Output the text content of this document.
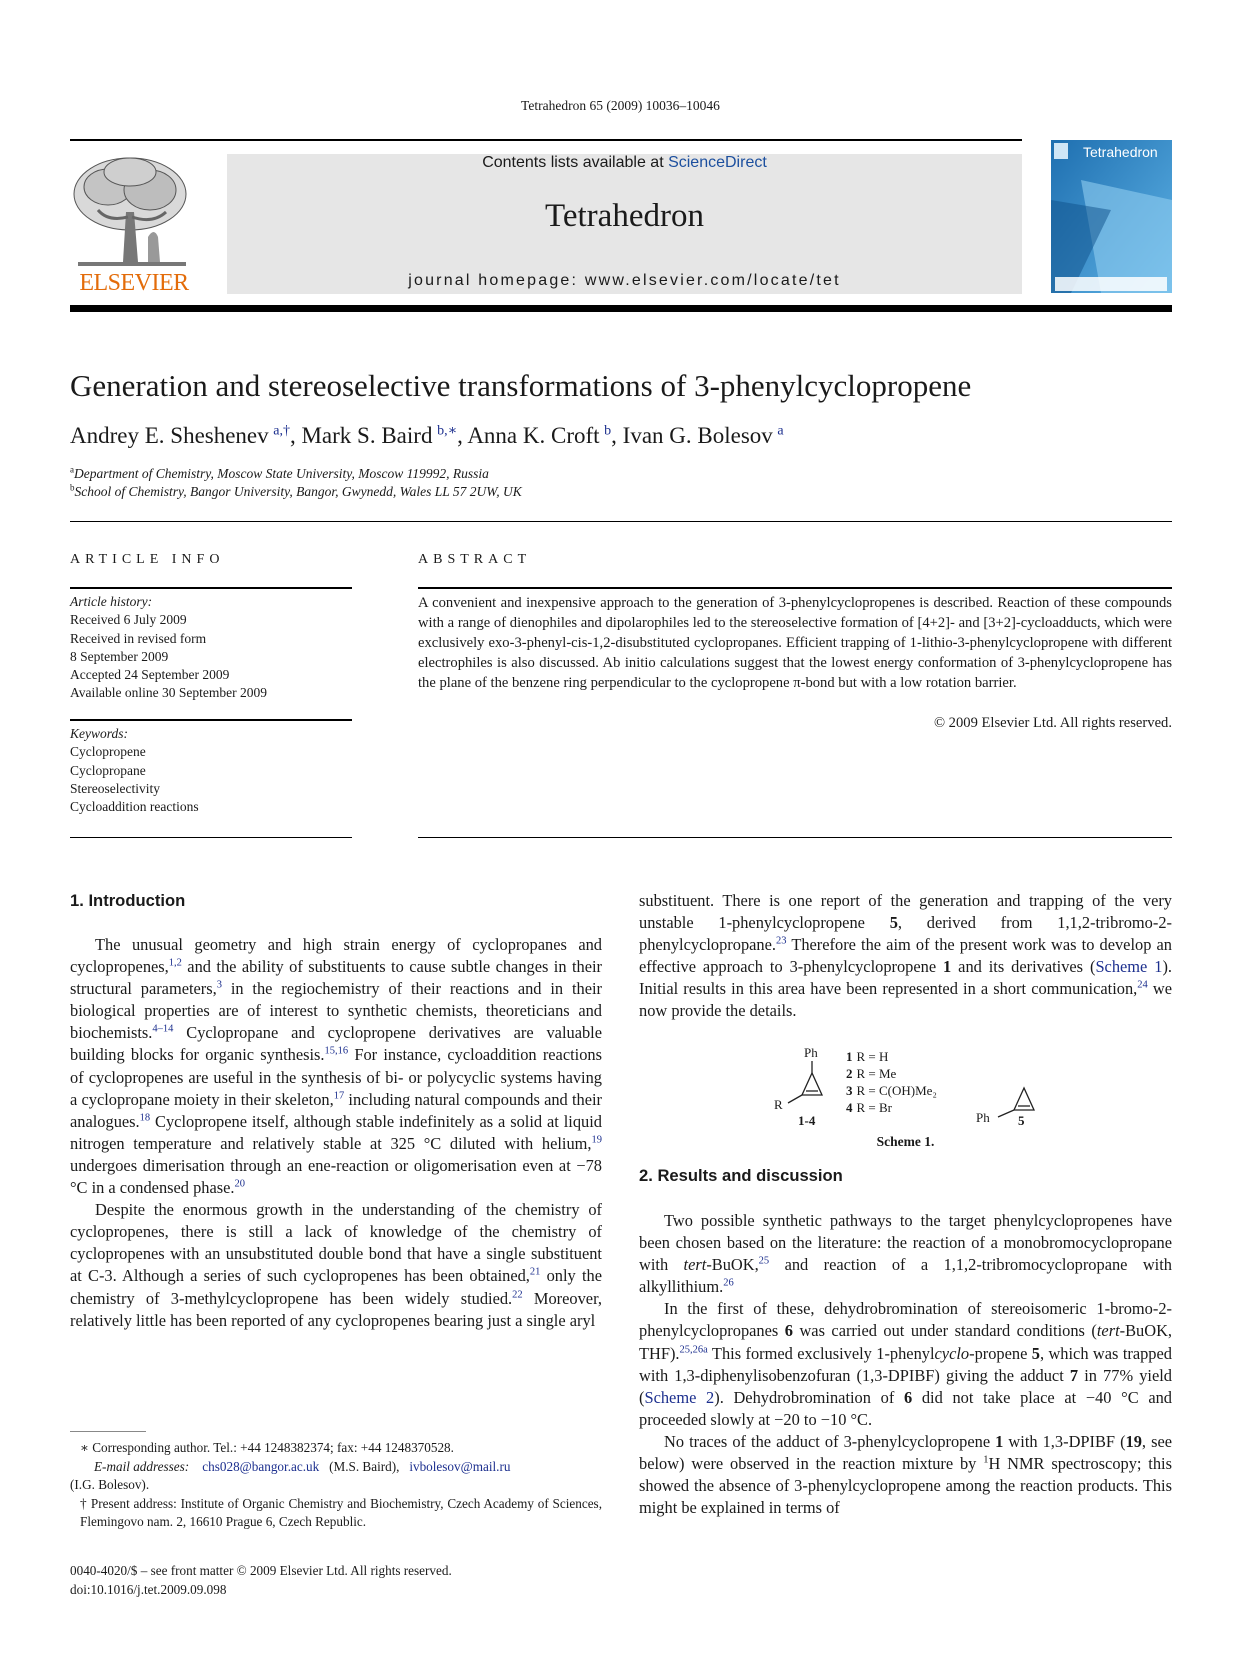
Tetrahedron 65 (2009) 10036–10046
ELSEVIER
Contents lists available at ScienceDirect
Tetrahedron
journal homepage: www.elsevier.com/locate/tet
Tetrahedron
Generation and stereoselective transformations of 3-phenylcyclopropene
Andrey E. Sheshenev  $^{a,\dagger}$, Mark S. Baird  $^{b,∗}$, Anna K. Croft  $^b$, Ivan G. Bolesov  $^a$
$^a$Department of Chemistry, Moscow State University, Moscow 119992, Russia
$^b$School of Chemistry, Bangor University, Bangor, Gwynedd, Wales LL 57 2UW, UK
ARTICLE INFO
Article history:
Received 6 July 2009
Received in revised form
8 September 2009
Accepted 24 September 2009
Available online 30 September 2009
Keywords:
Cyclopropene
Cyclopropane
Stereoselectivity
Cycloaddition reactions
ABSTRACT
A convenient and inexpensive approach to the generation of 3-phenylcyclopropenes is described. Reaction of these compounds with a range of dienophiles and dipolarophiles led to the stereoselective formation of [4+2]- and [3+2]-cycloadducts, which were exclusively exo-3-phenyl-cis-1,2-disubstituted cyclopropanes. Efficient trapping of 1-lithio-3-phenylcyclopropene with different electrophiles is also discussed. Ab initio calculations suggest that the lowest energy conformation of 3-phenylcyclopropene has the plane of the benzene ring perpendicular to the cyclopropene π-bond but with a low rotation barrier.
© 2009 Elsevier Ltd. All rights reserved.
1. Introduction

The unusual geometry and high strain energy of cyclopropanes and cyclopropenes,$^{1,2}$ and the ability of substituents to cause subtle changes in their structural parameters,$^3$ in the regiochemistry of their reactions and in their biological properties are of interest to synthetic chemists, theoreticians and biochemists.$^{4-14}$ Cyclopropane and cyclopropene derivatives are valuable building blocks for organic synthesis.$^{15,16}$ For instance, cycloaddition reactions of cyclopropenes are useful in the synthesis of bi- or polycyclic systems having a cyclopropane moiety in their skeleton,$^{17}$ including natural compounds and their analogues.$^{18}$ Cyclopropene itself, although stable indefinitely as a solid at liquid nitrogen temperature and relatively stable at 325 °C diluted with helium,$^{19}$ undergoes dimerisation through an ene-reaction or oligomerisation even at −78 °C in a condensed phase.$^{20}$

Despite the enormous growth in the understanding of the chemistry of cyclopropenes, there is still a lack of knowledge of the chemistry of cyclopropenes with an unsubstituted double bond that have a single substituent at C-3. Although a series of such cyclopropenes has been obtained,$^{21}$ only the chemistry of 3-methylcyclopropene has been widely studied.$^{22}$ Moreover, relatively little has been reported of any cyclopropenes bearing just a single aryl

∗ Corresponding author. Tel.: +44 1248382374; fax: +44 1248370528.
E-mail addresses: chs028@bangor.ac.uk (M.S. Baird), ivbolesov@mail.ru
(I.G. Bolesov).
† Present address: Institute of Organic Chemistry and Biochemistry, Czech Academy of Sciences, Flemingovo nam. 2, 16610 Prague 6, Czech Republic.
0040-4020/$ – see front matter © 2009 Elsevier Ltd. All rights reserved.
doi:10.1016/j.tet.2009.09.098

substituent. There is one report of the generation and trapping of the very unstable 1-phenylcyclopropene 5, derived from 1,1,2-tribromo-2-phenylcyclopropane.$^{23}$ Therefore the aim of the present work was to develop an effective approach to 3-phenylcyclopropene 1 and its derivatives (Scheme 1). Initial results in this area have been represented in a short communication,$^{24}$ we now provide the details.

Ph
R
1-4	Ph 5
1 R = H
2 R = Me
3 R = C(OH)Me₂
4 R = Br
Scheme 1.
2. Results and discussion

Two possible synthetic pathways to the target phenylcyclopropenes have been chosen based on the literature: the reaction of a monobromocyclopropane with tert-BuOK,$^{25}$ and reaction of a 1,1,2-tribromocyclopropane with alkyllithium.$^{26}$

In the first of these, dehydrobromination of stereoisomeric 1-bromo-2-phenylcyclopropanes 6 was carried out under standard conditions (tert-BuOK, THF).$^{25,26a}$ This formed exclusively 1-phenylcyclo-propene 5, which was trapped with 1,3-diphenylisobenzofuran (1,3-DPIBF) giving the adduct 7 in 77% yield (Scheme 2). Dehydrobromination of 6 did not take place at −40 °C and proceeded slowly at −20 to −10 °C.

No traces of the adduct of 3-phenylcyclopropene 1 with 1,3-DPIBF (19, see below) were observed in the reaction mixture by $^1$H NMR spectroscopy; this showed the absence of 3-phenylcyclopropene among the reaction products. This might be explained in terms of
